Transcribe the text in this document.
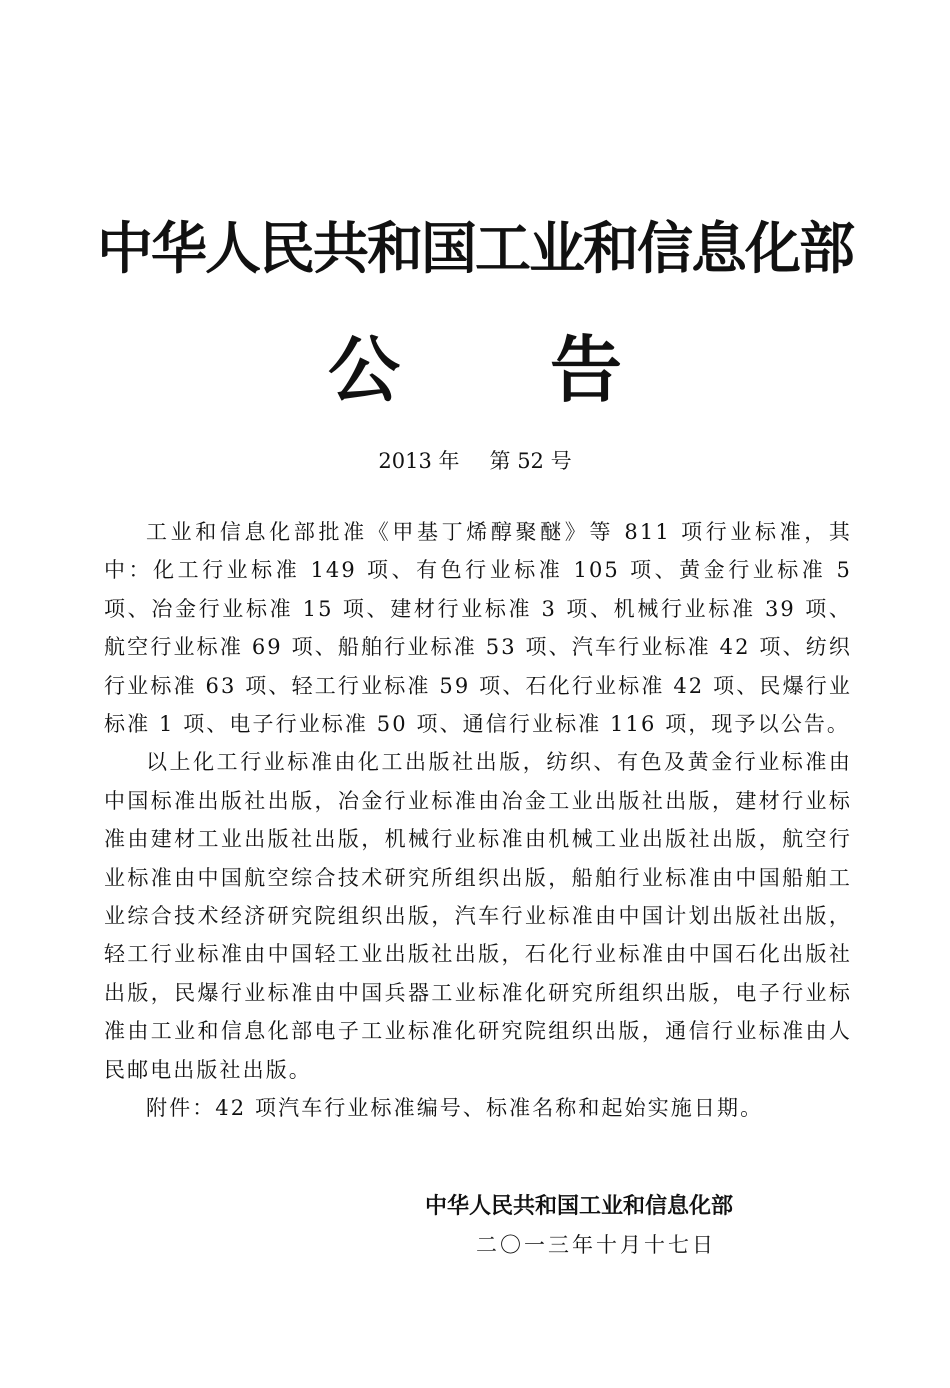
中华人民共和国工业和信息化部
公告
2013 年 第 52 号

工业和信息化部批准《甲基丁烯醇聚醚》等 811 项行业标准，其中：化工行业标准 149 项、有色行业标准 105 项、黄金行业标准 5 项、冶金行业标准 15 项、建材行业标准 3 项、机械行业标准 39 项、航空行业标准 69 项、船舶行业标准 53 项、汽车行业标准 42 项、纺织行业标准 63 项、轻工行业标准 59 项、石化行业标准 42 项、民爆行业标准 1 项、电子行业标准 50 项、通信行业标准 116 项，现予以公告。

以上化工行业标准由化工出版社出版，纺织、有色及黄金行业标准由中国标准出版社出版，冶金行业标准由冶金工业出版社出版，建材行业标准由建材工业出版社出版，机械行业标准由机械工业出版社出版，航空行业标准由中国航空综合技术研究所组织出版，船舶行业标准由中国船舶工业综合技术经济研究院组织出版，汽车行业标准由中国计划出版社出版，轻工行业标准由中国轻工业出版社出版，石化行业标准由中国石化出版社出版，民爆行业标准由中国兵器工业标准化研究所组织出版，电子行业标准由工业和信息化部电子工业标准化研究院组织出版，通信行业标准由人民邮电出版社出版。

附件：42 项汽车行业标准编号、标准名称和起始实施日期。

中华人民共和国工业和信息化部
二〇一三年十月十七日
